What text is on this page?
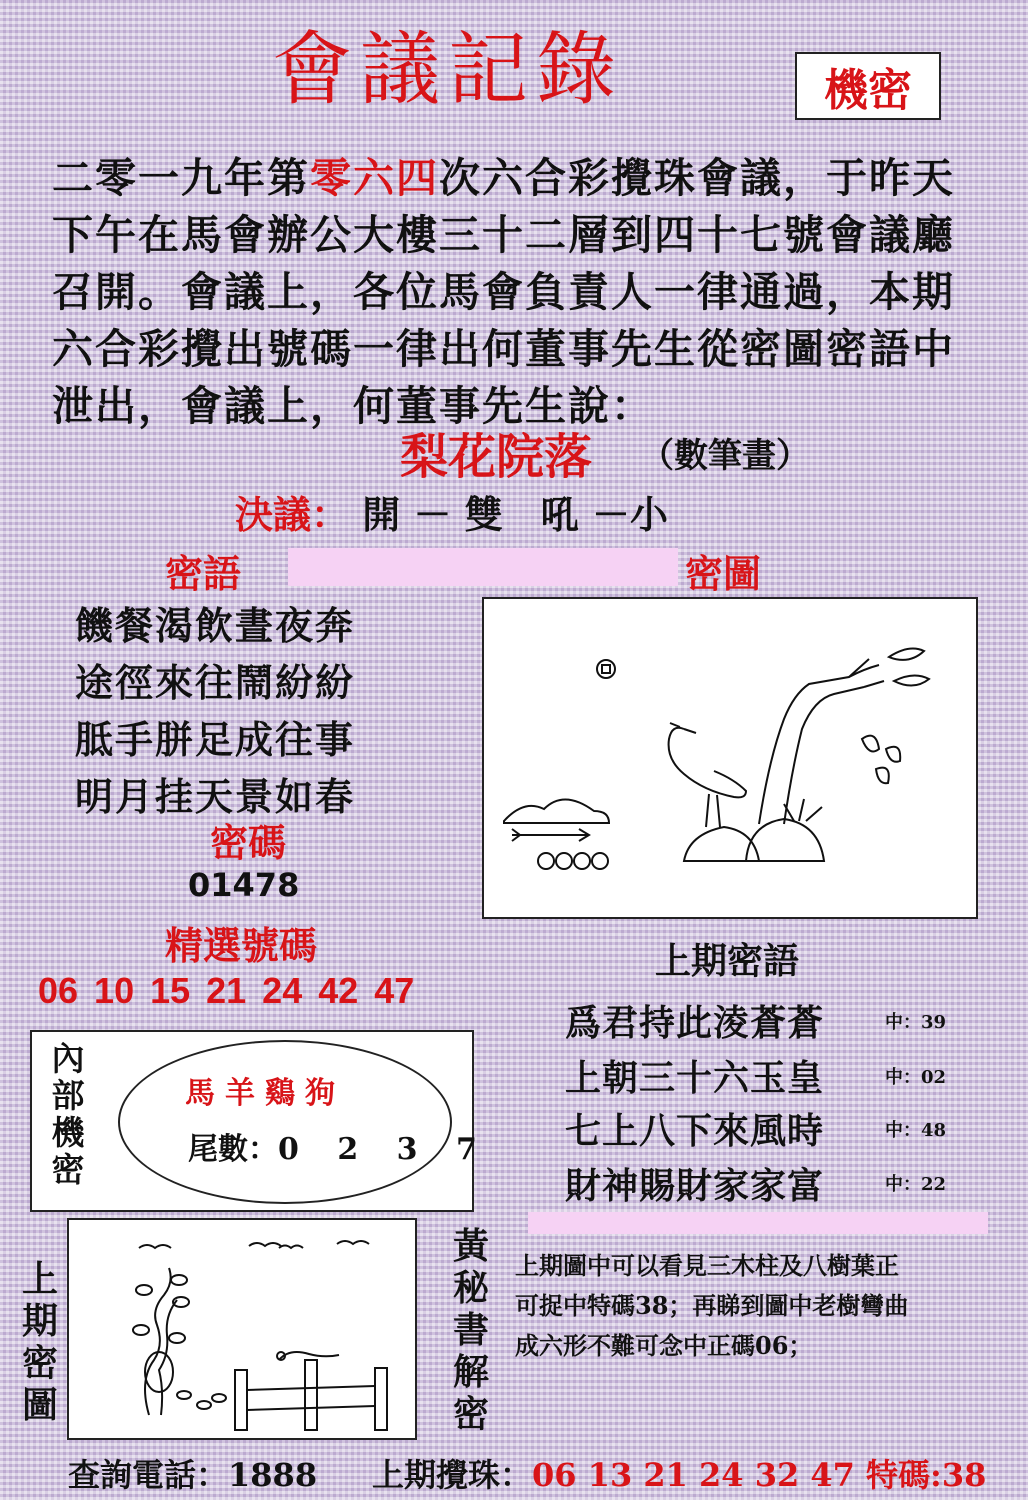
會議記錄	機密
二零一九年第零六四次六合彩攪珠會議，于昨天
下午在馬會辦公大樓三十二層到四十七號會議廳
召開。會議上，各位馬會負責人一律通過，本期
六合彩攪出號碼一律出何董事先生從密圖密語中
泄出，會議上，何董事先生說：
梨花院落 （數筆畫）
決議： 開 － 雙　吼 －小
密語	密圖
饑餐渴飲晝夜奔
途徑來往鬧紛紛
胝手胼足成往事
明月挂天景如春
密碼
01478
精選號碼
06 10 15 21 24 42 47
上期密語
爲君持此淩蒼蒼	中：39
上朝三十六玉皇	中：02
七上八下來風時	中：48
財神賜財家家富	中：22
內
部
機
密
馬羊鷄狗
尾數：0 2 3 7
上
期
密
圖
黃
秘
書
解
密
上期圖中可以看見三木柱及八樹葉正
可捉中特碼38；再睇到圖中老樹彎曲
成六形不難可念中正碼06；
查詢電話：1888 上期攪珠：06 13 21 24 32 47 特碼:38
